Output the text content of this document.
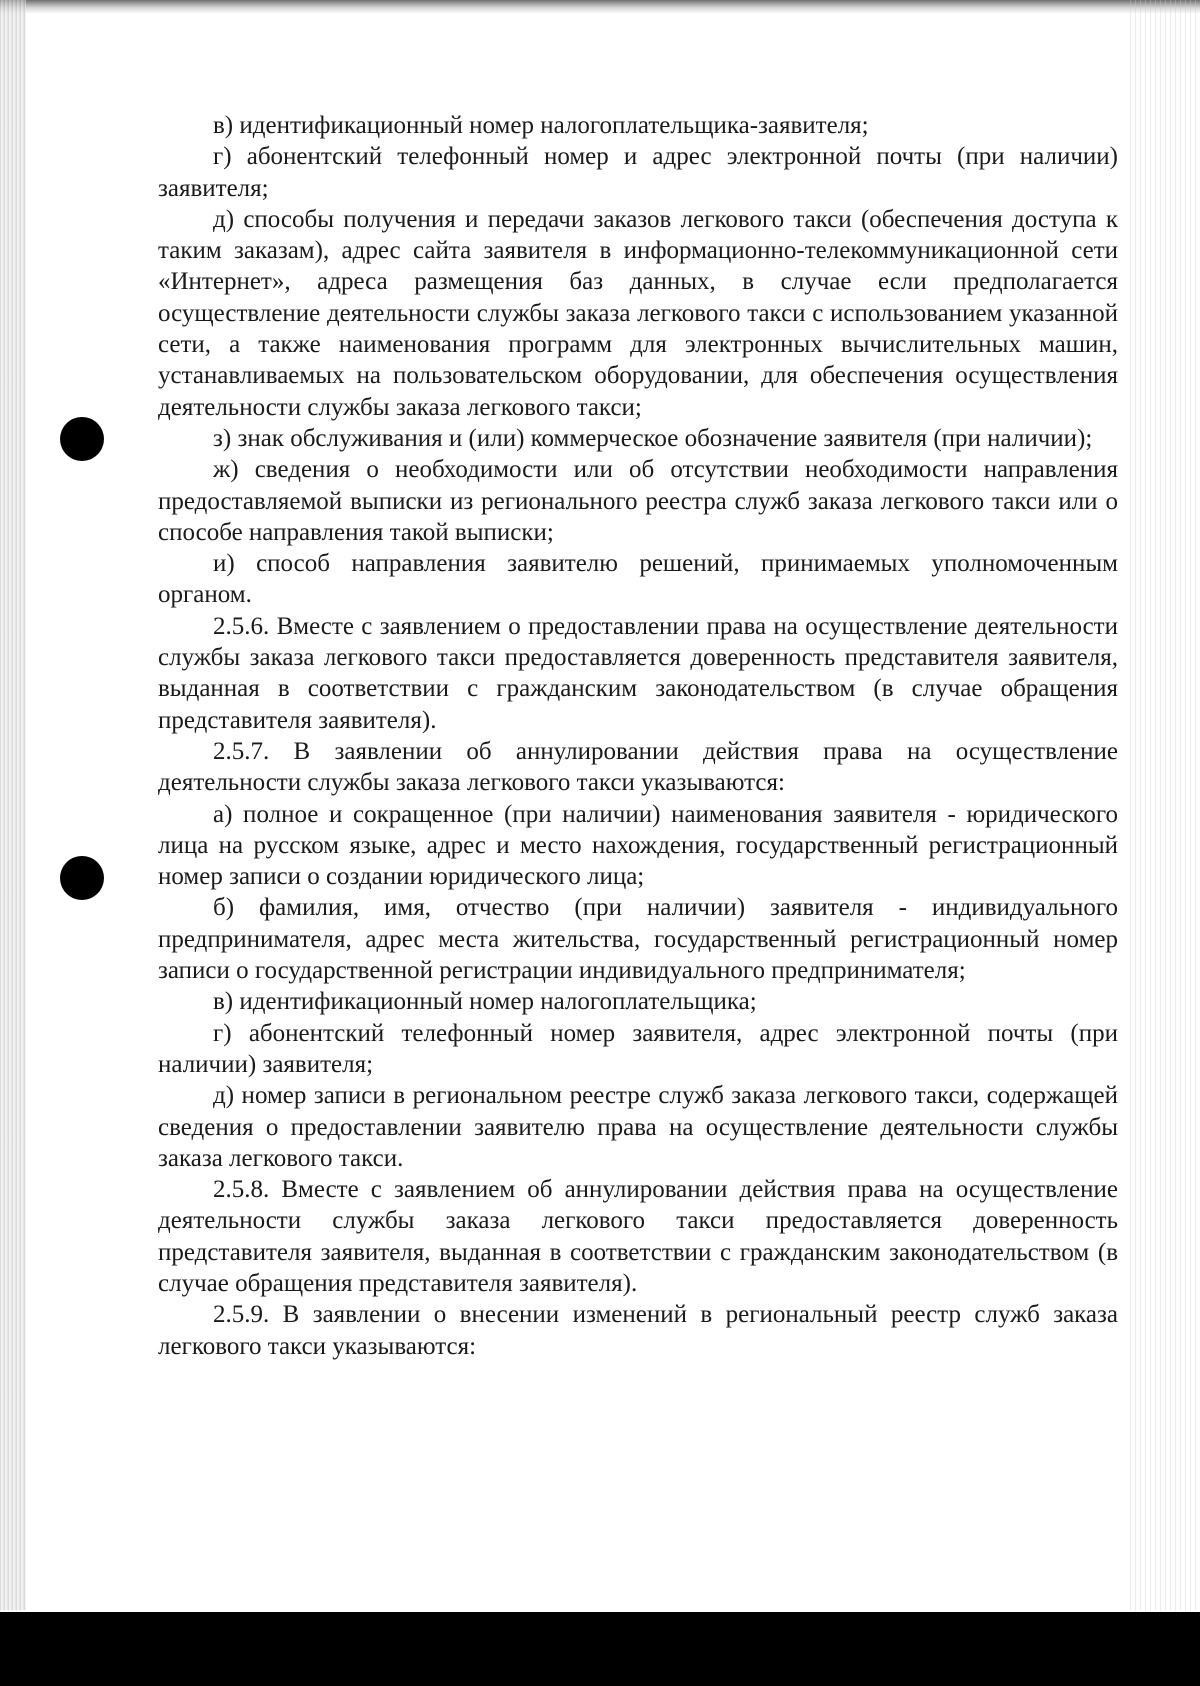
в) идентификационный номер налогоплательщика-заявителя;

г) абонентский телефонный номер и адрес электронной почты (при наличии) заявителя;

д) способы получения и передачи заказов легкового такси (обеспечения доступа к таким заказам), адрес сайта заявителя в информационно-телекоммуникационной сети «Интернет», адреса размещения баз данных, в случае если предполагается осуществление деятельности службы заказа легкового такси с использованием указанной сети, а также наименования программ для электронных вычислительных машин, устанавливаемых на пользовательском оборудовании, для обеспечения осуществления деятельности службы заказа легкового такси;

з) знак обслуживания и (или) коммерческое обозначение заявителя (при наличии);

ж) сведения о необходимости или об отсутствии необходимости направления предоставляемой выписки из регионального реестра служб заказа легкового такси или о способе направления такой выписки;

и) способ направления заявителю решений, принимаемых уполномоченным органом.

2.5.6. Вместе с заявлением о предоставлении права на осуществление деятельности службы заказа легкового такси предоставляется доверенность представителя заявителя, выданная в соответствии с гражданским законодательством (в случае обращения представителя заявителя).

2.5.7. В заявлении об аннулировании действия права на осуществление деятельности службы заказа легкового такси указываются:

а) полное и сокращенное (при наличии) наименования заявителя - юридического лица на русском языке, адрес и место нахождения, государственный регистрационный номер записи о создании юридического лица;

б) фамилия, имя, отчество (при наличии) заявителя - индивидуального предпринимателя, адрес места жительства, государственный регистрационный номер записи о государственной регистрации индивидуального предпринимателя;

в) идентификационный номер налогоплательщика;

г) абонентский телефонный номер заявителя, адрес электронной почты (при наличии) заявителя;

д) номер записи в региональном реестре служб заказа легкового такси, содержащей сведения о предоставлении заявителю права на осуществление деятельности службы заказа легкового такси.

2.5.8. Вместе с заявлением об аннулировании действия права на осуществление деятельности службы заказа легкового такси предоставляется доверенность представителя заявителя, выданная в соответствии с гражданским законодательством (в случае обращения представителя заявителя).

2.5.9. В заявлении о внесении изменений в региональный реестр служб заказа легкового такси указываются:
